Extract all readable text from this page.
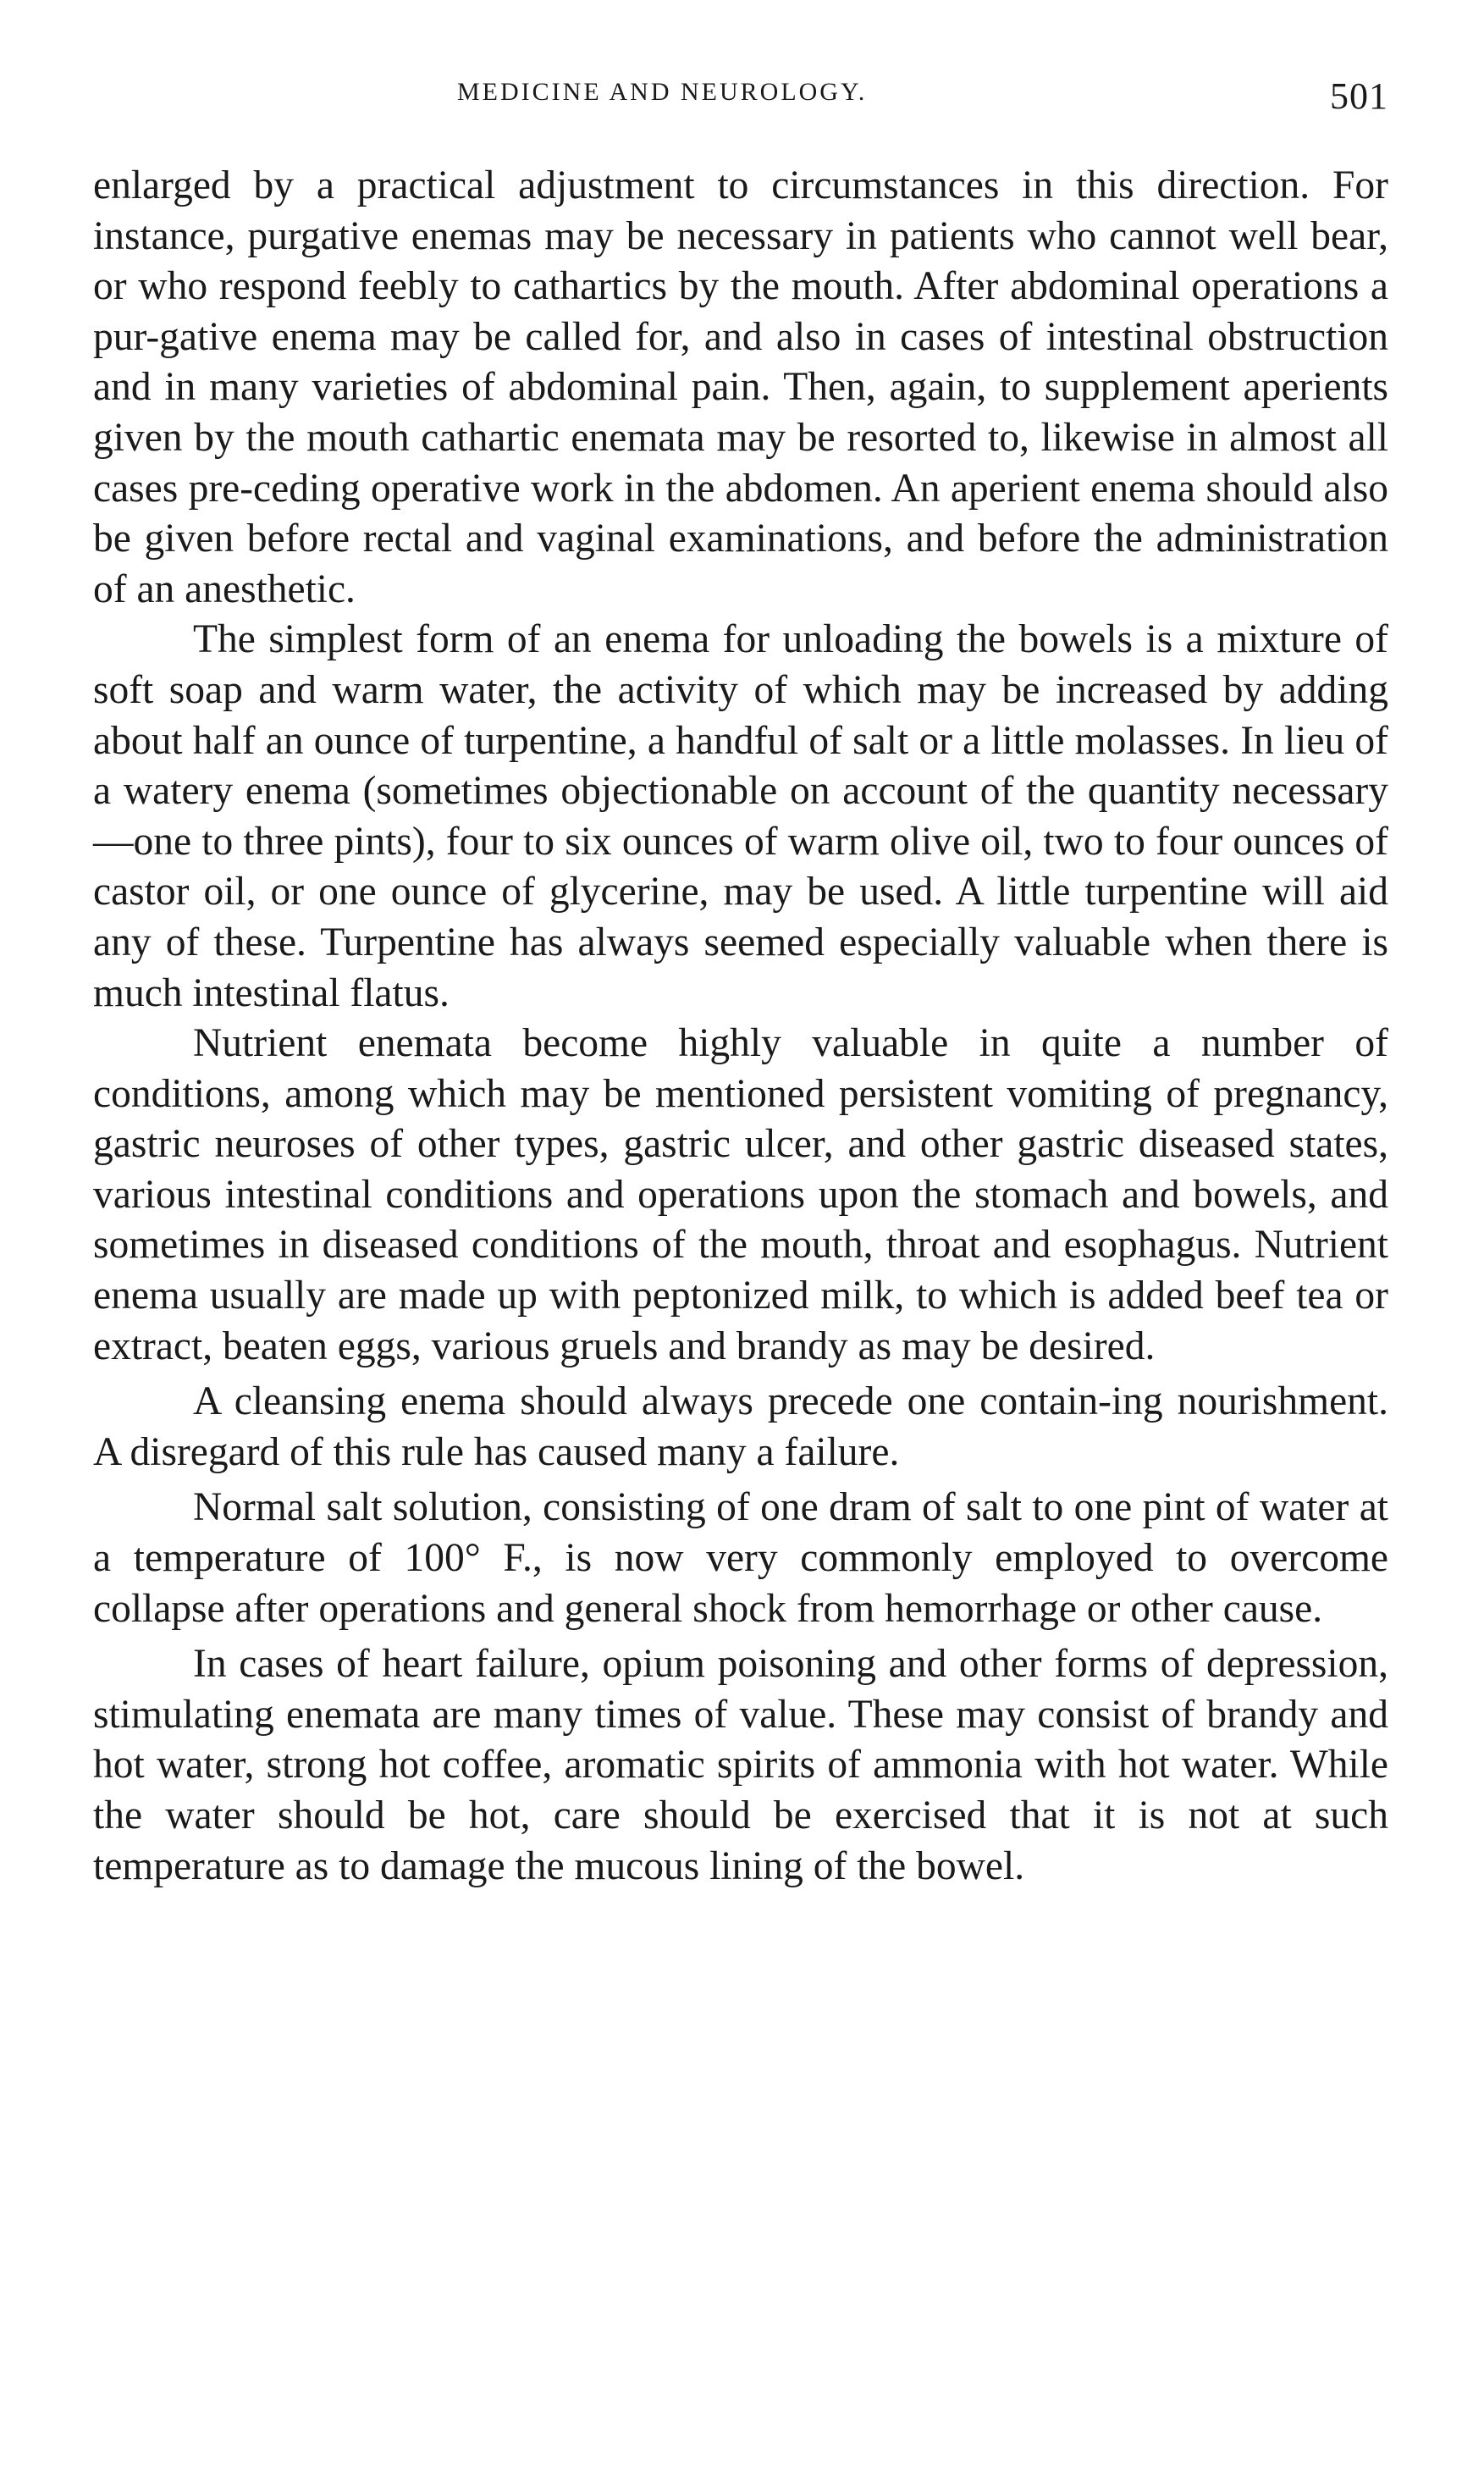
MEDICINE AND NEUROLOGY.	501

enlarged by a practical adjustment to circumstances in this direction. For instance, purgative enemas may be necessary in patients who cannot well bear, or who respond feebly to cathartics by the mouth. After abdominal operations a pur-gative enema may be called for, and also in cases of intestinal obstruction and in many varieties of abdominal pain. Then, again, to supplement aperients given by the mouth cathartic enemata may be resorted to, likewise in almost all cases pre-ceding operative work in the abdomen. An aperient enema should also be given before rectal and vaginal examinations, and before the administration of an anesthetic.

The simplest form of an enema for unloading the bowels is a mixture of soft soap and warm water, the activity of which may be increased by adding about half an ounce of turpentine, a handful of salt or a little molasses. In lieu of a watery enema (sometimes objectionable on account of the quantity necessary—one to three pints), four to six ounces of warm olive oil, two to four ounces of castor oil, or one ounce of glycerine, may be used. A little turpentine will aid any of these. Turpentine has always seemed especially valuable when there is much intestinal flatus.

Nutrient enemata become highly valuable in quite a number of conditions, among which may be mentioned persistent vomiting of pregnancy, gastric neuroses of other types, gastric ulcer, and other gastric diseased states, various intestinal conditions and operations upon the stomach and bowels, and sometimes in diseased conditions of the mouth, throat and esophagus. Nutrient enema usually are made up with peptonized milk, to which is added beef tea or extract, beaten eggs, various gruels and brandy as may be desired.

A cleansing enema should always precede one contain-ing nourishment. A disregard of this rule has caused many a failure.

Normal salt solution, consisting of one dram of salt to one pint of water at a temperature of 100° F., is now very commonly employed to overcome collapse after operations and general shock from hemorrhage or other cause.

In cases of heart failure, opium poisoning and other forms of depression, stimulating enemata are many times of value. These may consist of brandy and hot water, strong hot coffee, aromatic spirits of ammonia with hot water. While the water should be hot, care should be exercised that it is not at such temperature as to damage the mucous lining of the bowel.
